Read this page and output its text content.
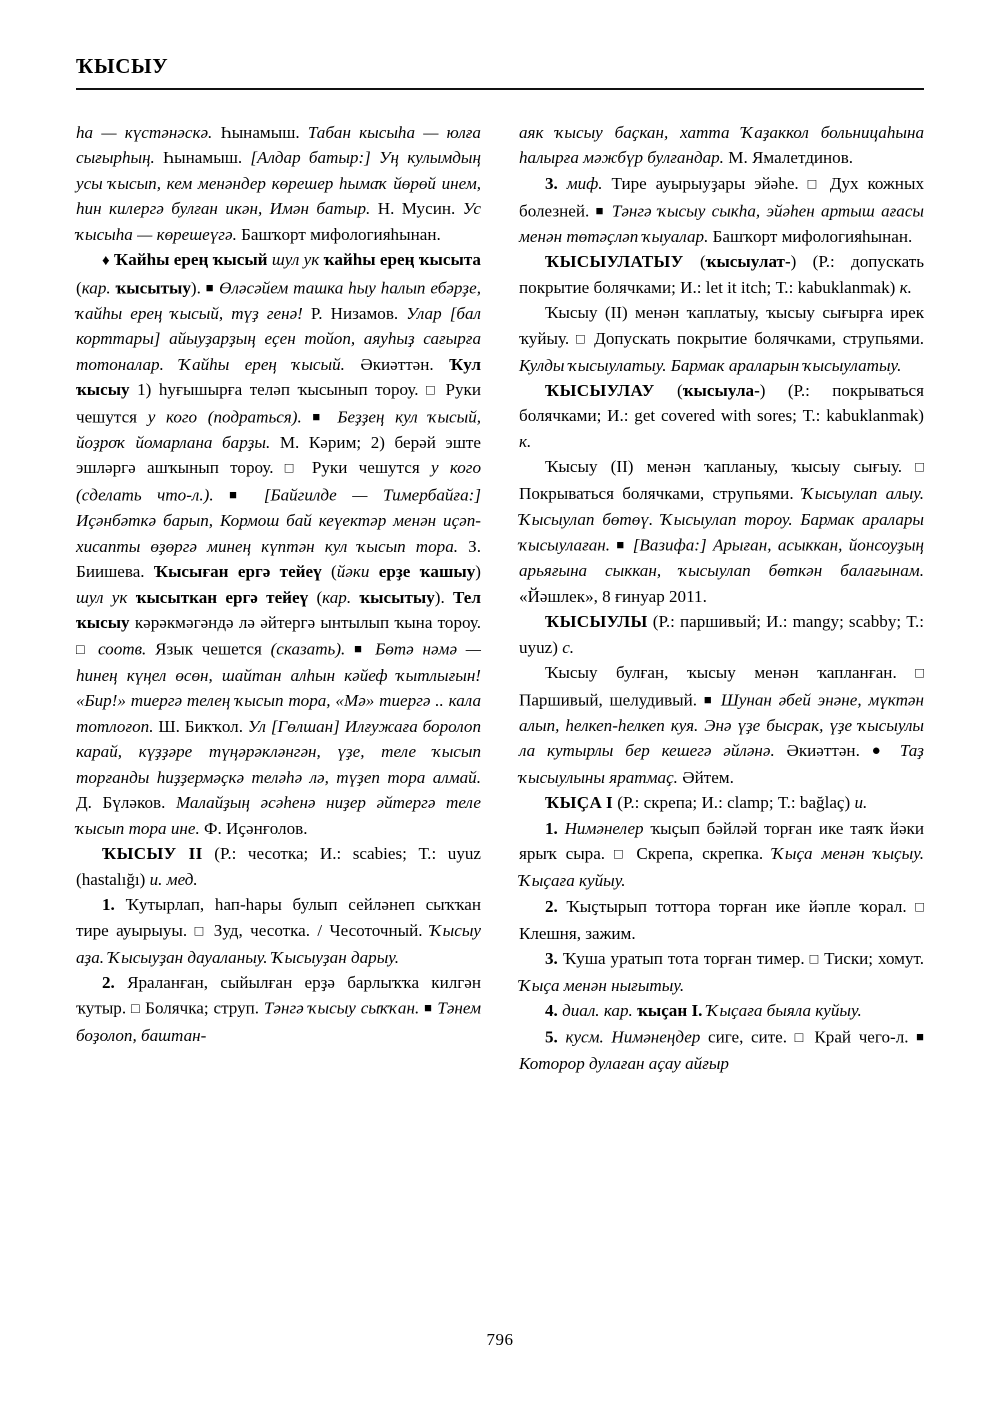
ҠЫСЫУ

һа — күстәнәскә. Һынамыш. Табан кысыһа — юлға сығырһың. Һынамыш. [Алдар батыр:] Уң кулымдың усы ҡысып, кем менәндер көрешер һымаҡ йөрөй инем, һин килергә булған икән, Имән батыр. Н. Мусин. Ус ҡысыһа — көрешеүгә. Башҡорт мифологияһынан.

♦ Ҡайһы ерең ҡысый шул ук ҡайһы ерең ҡысыта (кар. ҡысытыу). ■ Өләсәйем ташка һыу һалып ебәрҙе, ҡайһы ерең ҡысый, түҙ генә! Р. Низамов. Улар [бал корттары] айыуҙарҙың еҫен тойоп, аяуһыҙ сағырға тотоналар. Ҡайһы ерең ҡысый. Әкиәттән. Ҡул ҡысыу 1) һуғышырға теләп ҡысынып тороу. □ Руки чешутся у кого (подраться). ■ Беҙҙең кул ҡысый, йоҙроҡ йомарлана барҙы. М. Кәрим; 2) берәй эште эшләргә ашҡынып тороу. □ Руки чешутся у кого (сделать что-л.). ■ [Байгилде — Тимербайға:] Иҫәнбәткә барып, Кормош бай кеүектәр менән иҫәп-хисапты өҙөргә минең күптән кул ҡысып тора. З. Биишева. Ҡысығaн ергә тейеү (йәки ерҙе ҡашыу) шул ук ҡысыткан ергә тейеү (кар. ҡысытыу). Тел ҡысыу кәрәкмәгәндә лә әйтергә ынтылып ҡына тороу. □ соотв. Язык чешется (сказать). ■ Бөтә нәмә — һинең күңел өсөн, шайтан алһын кәйеф ҡытлығын! «Бир!» тиергә телең ҡысып тора, «Мә» тиергә .. кала тотлоғоп. Ш. Бикҡол. Ул [Гөлшан] Илғужаға боролоп карай, күҙҙәре түңәрәкләнгән, үҙе, теле ҡысып торғанды һиҙҙермәҫкә теләһә лә, түҙеп тора алмай. Д. Бүләков. Малайҙың әсәһенә ниҙер әйтергә теле ҡысып тора ине. Ф. Иҫәнғолов.

ҠЫСЫУ II (Р.: чесотка; И.: scabies; Т.: uyuz (hastalığı) и. мед.

1. Ҡутырлап, һап-һары булып сейләнеп сыҡҡан тире ауырыуы. □ Зуд, чесотка. / Чесоточный. Ҡысыу аҙа. Ҡысыуҙан дауаланыу. Ҡысыуҙан дарыу.

2. Яраланған, сыйылған ерҙә барлыҡҡа килгән ҡутыр. □ Болячка; струп. Тәнгә ҡысыу сыҡҡан. ■ Тәнем боҙолоп, баштан-

аяк ҡысыу баҫкан, хатта Ҡаҙаккол больницаһына һалырға мәжбүр булғандар. М. Ямалетдинов.

3. миф. Тире ауырыуҙары эйәһе. □ Дух кожных болезней. ■ Тәнгә ҡысыу сыкһа, эйәһен артыш ағасы менән төтәҫләп ҡыуалар. Башҡорт мифологияһынан.

ҠЫСЫУЛАТЫУ (ҡысыулат-) (Р.: допускать покрытие болячками; И.: let it itch; Т.: kabuklanmak) к.

Ҡысыу (II) менән ҡаплатыу, ҡысыу сығырға ирек ҡуйыу. □ Допускать покрытие болячками, струпьями. Кулды ҡысыулатыу. Бармак араларын ҡысыулатыу.

ҠЫСЫУЛАУ (ҡысыула-) (Р.: покрываться болячками; И.: get covered with sores; Т.: kabuklanmak) к.

Ҡысыу (II) менән ҡапланыу, ҡысыу сығыу. □ Покрываться болячками, струпьями. Ҡысыулап алыу. Ҡысыулап бөтөү. Ҡысыулап тороу. Бармак аралары ҡысыулаған. ■ [Вазифа:] Арыған, асыккан, йонсоуҙың арьяғына сыккан, ҡысыулап бөткән балағынам. «Йәшлек», 8 ғинуар 2011.

ҠЫСЫУЛЫ (Р.: паршивый; И.: mangy; scabby; Т.: uyuz) с.

Ҡысыу булған, ҡысыу менән ҡапланған. □ Паршивый, шелудивый. ■ Шунан әбей энәне, мүктән алып, һелкеп-һелкеп куя. Энә үҙе бысрак, үҙе ҡысыулы ла кутырлы бер кешегә әйләнә. Әкиәттән. ● Таҙ ҡысыулыны яратмаҫ. Әйтем.

ҠЫҪA I (Р.: скрепа; И.: clamp; Т.: bağlaç) и.

1. Нимәнелер ҡыҫып бәйләй торған ике таяҡ йәки ярыҡ сыра. □ Скрепа, скрепка. Ҡыҫа менән ҡыҫыу. Ҡыҫаға куйыу.

2. Ҡыҫтырып тоттора торған ике йәпле ҡорал. □ Клешня, зажим.

3. Ҡуша уратып тота торған тимер. □ Тиски; хомут. Ҡыҫа менән нығытыу.

4. диал. кар. ҡыҫан I. Ҡыҫаға быяла куйыу.

5. кусм. Нимәнеңдер сиге, сите. □ Край чего-л. ■ Которор дулаған аҫау айғыр

796
